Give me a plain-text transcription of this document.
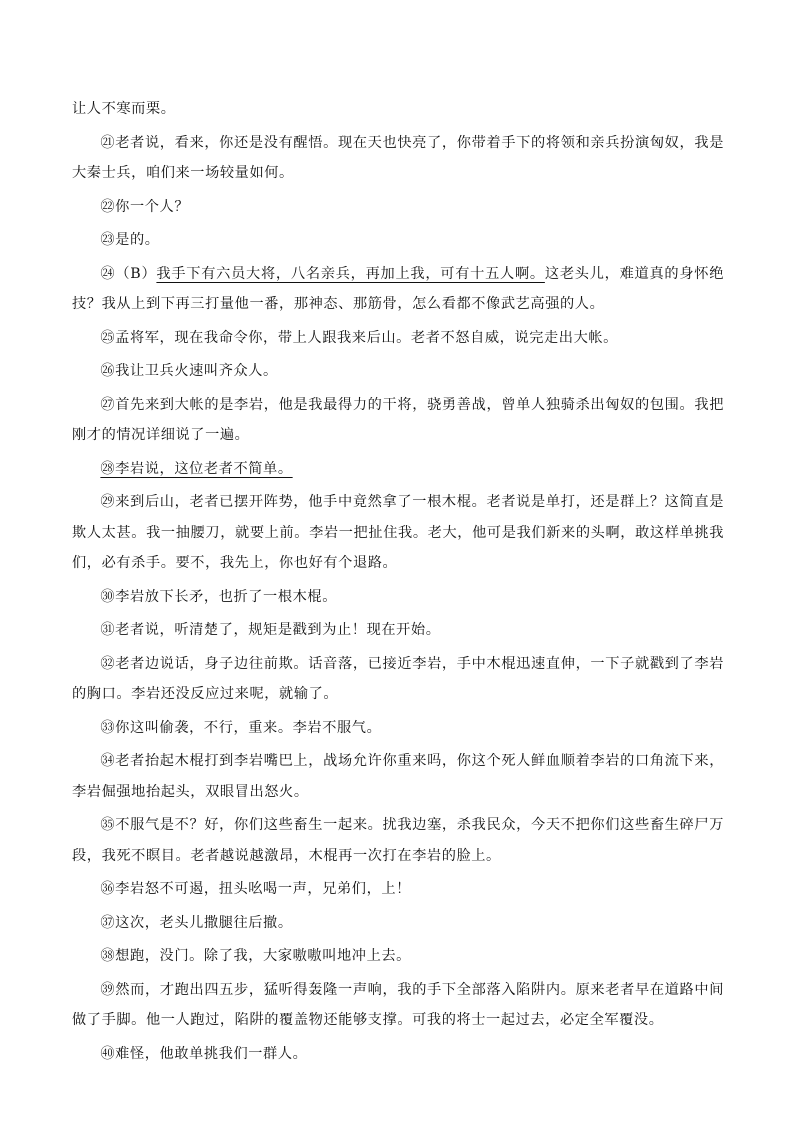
让人不寒而栗。

㉑老者说，看来，你还是没有醒悟。现在天也快亮了，你带着手下的将领和亲兵扮演匈奴，我是大秦士兵，咱们来一场较量如何。

㉒你一个人？

㉓是的。

㉔（B）我手下有六员大将，八名亲兵，再加上我，可有十五人啊。这老头儿，难道真的身怀绝技？我从上到下再三打量他一番，那神态、那筋骨，怎么看都不像武艺高强的人。

㉕孟将军，现在我命令你，带上人跟我来后山。老者不怒自威，说完走出大帐。

㉖我让卫兵火速叫齐众人。

㉗首先来到大帐的是李岩，他是我最得力的干将，骁勇善战，曾单人独骑杀出匈奴的包围。我把刚才的情况详细说了一遍。

㉘李岩说，这位老者不简单。

㉙来到后山，老者已摆开阵势，他手中竟然拿了一根木棍。老者说是单打，还是群上？这简直是欺人太甚。我一抽腰刀，就要上前。李岩一把扯住我。老大，他可是我们新来的头啊，敢这样单挑我们，必有杀手。要不，我先上，你也好有个退路。

㉚李岩放下长矛，也折了一根木棍。

㉛老者说，听清楚了，规矩是戳到为止！现在开始。

㉜老者边说话，身子边往前欺。话音落，已接近李岩，手中木棍迅速直伸，一下子就戳到了李岩的胸口。李岩还没反应过来呢，就输了。

㉝你这叫偷袭，不行，重来。李岩不服气。

㉞老者抬起木棍打到李岩嘴巴上，战场允许你重来吗，你这个死人鲜血顺着李岩的口角流下来，李岩倔强地抬起头，双眼冒出怒火。

㉟不服气是不？好，你们这些畜生一起来。扰我边塞，杀我民众，今天不把你们这些畜生碎尸万段，我死不瞑目。老者越说越激昂，木棍再一次打在李岩的脸上。

㊱李岩怒不可遏，扭头吆喝一声，兄弟们，上！

㊲这次，老头儿撒腿往后撤。

㊳想跑，没门。除了我，大家嗷嗷叫地冲上去。

㊴然而，才跑出四五步，猛听得轰隆一声响，我的手下全部落入陷阱内。原来老者早在道路中间做了手脚。他一人跑过，陷阱的覆盖物还能够支撑。可我的将士一起过去，必定全军覆没。

㊵难怪，他敢单挑我们一群人。
